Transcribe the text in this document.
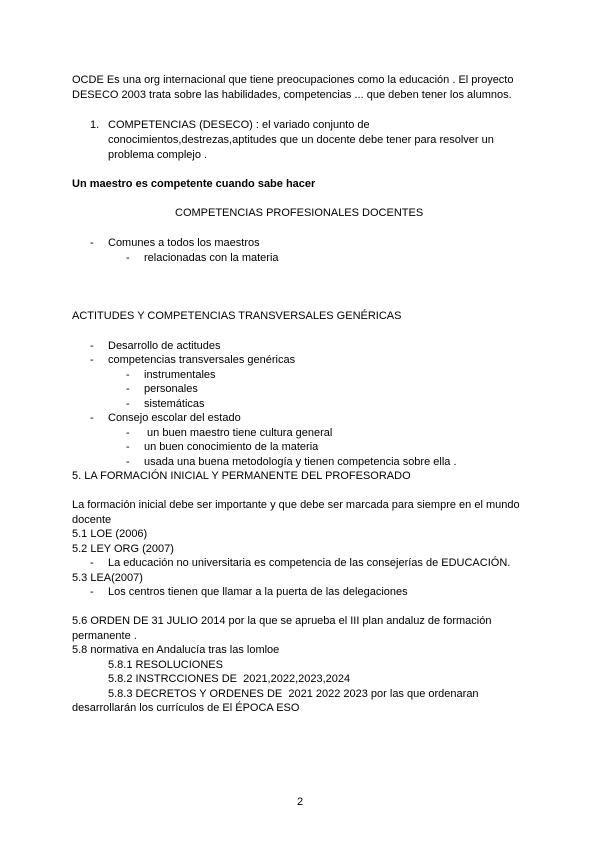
OCDE Es una org internacional que tiene preocupaciones como la educación . El proyecto
DESECO 2003 trata sobre las habilidades, competencias ... que deben tener los alumnos.
1. COMPETENCIAS (DESECO) : el variado conjunto de
conocimientos,destrezas,aptitudes que un docente debe tener para resolver un
problema complejo .
Un maestro es competente cuando sabe hacer
COMPETENCIAS PROFESIONALES DOCENTES
- Comunes a todos los maestros
- relacionadas con la materia
ACTITUDES Y COMPETENCIAS TRANSVERSALES GENÉRICAS
- Desarrollo de actitudes
- competencias transversales genéricas
- instrumentales
- personales
- sistemáticas
- Consejo escolar del estado
- un buen maestro tiene cultura general
- un buen conocimiento de la materia
- usada una buena metodología y tienen competencia sobre ella .
5. LA FORMACIÓN INICIAL Y PERMANENTE DEL PROFESORADO
La formación inicial debe ser importante y que debe ser marcada para siempre en el mundo
docente
5.1 LOE (2006)
5.2 LEY ORG (2007)
- La educación no universitaria es competencia de las consejerías de EDUCACIÓN.
5.3 LEA(2007)
- Los centros tienen que llamar a la puerta de las delegaciones
5.6 ORDEN DE 31 JULIO 2014 por la que se aprueba el III plan andaluz de formación
permanente .
5.8 normativa en Andalucía tras las lomloe
5.8.1 RESOLUCIONES
5.8.2 INSTRCCIONES DE  2021,2022,2023,2024
5.8.3 DECRETOS Y ORDENES DE  2021 2022 2023 por las que ordenaran
desarrollarán los currículos de El ÉPOCA ESO
2
